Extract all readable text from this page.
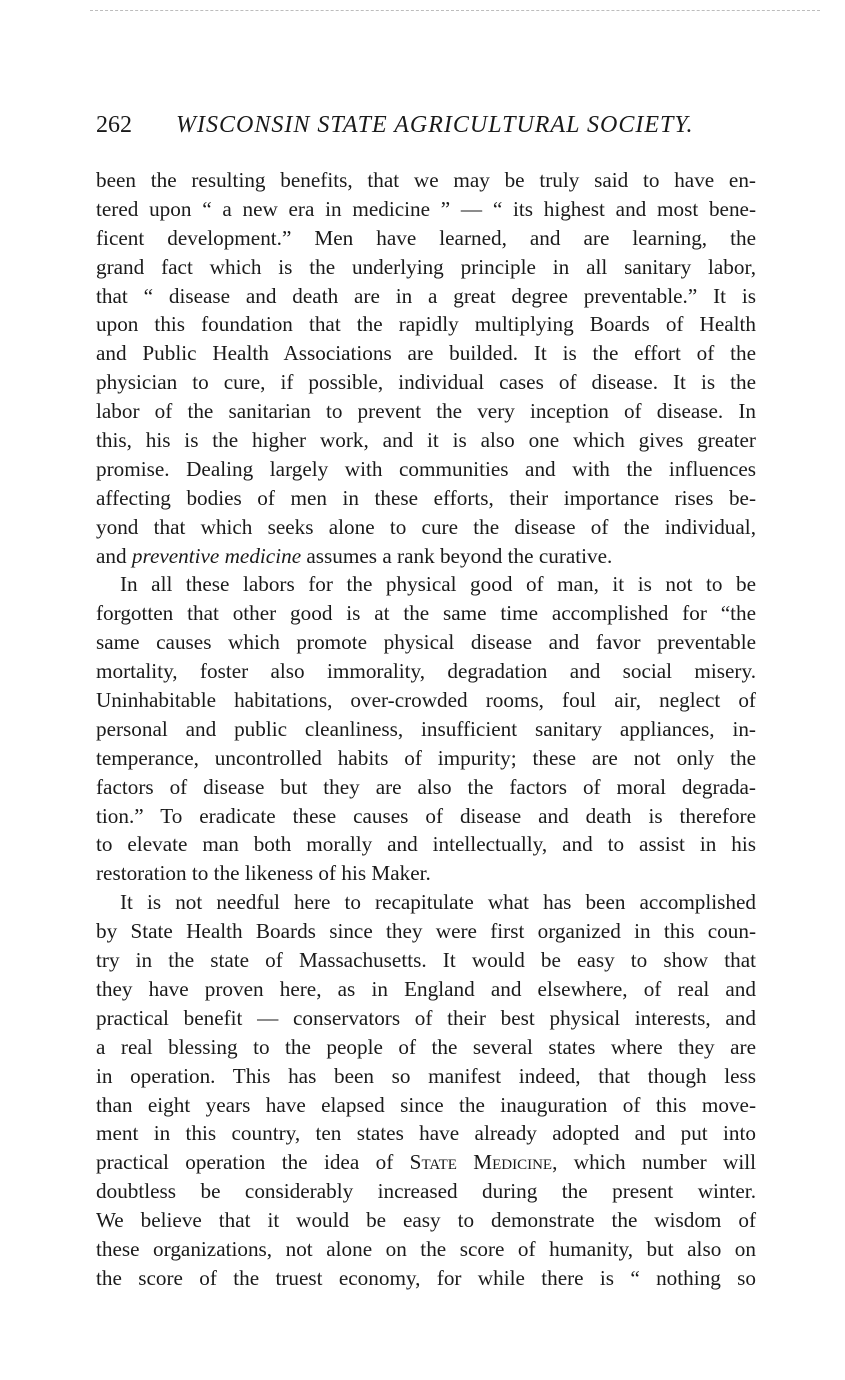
262 WISCONSIN STATE AGRICULTURAL SOCIETY.
been the resulting benefits, that we may be truly said to have en-
tered upon “ a new era in medicine ” — “ its highest and most bene-
ficent development.” Men have learned, and are learning, the
grand fact which is the underlying principle in all sanitary labor,
that “ disease and death are in a great degree preventable.” It is
upon this foundation that the rapidly multiplying Boards of Health
and Public Health Associations are builded. It is the effort of the
physician to cure, if possible, individual cases of disease. It is the
labor of the sanitarian to prevent the very inception of disease. In
this, his is the higher work, and it is also one which gives greater
promise. Dealing largely with communities and with the influences
affecting bodies of men in these efforts, their importance rises be-
yond that which seeks alone to cure the disease of the individual,
and preventive medicine assumes a rank beyond the curative.
In all these labors for the physical good of man, it is not to be
forgotten that other good is at the same time accomplished for “the
same causes which promote physical disease and favor preventable
mortality, foster also immorality, degradation and social misery.
Uninhabitable habitations, over-crowded rooms, foul air, neglect of
personal and public cleanliness, insufficient sanitary appliances, in-
temperance, uncontrolled habits of impurity; these are not only the
factors of disease but they are also the factors of moral degrada-
tion.” To eradicate these causes of disease and death is therefore
to elevate man both morally and intellectually, and to assist in his
restoration to the likeness of his Maker.
It is not needful here to recapitulate what has been accomplished
by State Health Boards since they were first organized in this coun-
try in the state of Massachusetts. It would be easy to show that
they have proven here, as in England and elsewhere, of real and
practical benefit — conservators of their best physical interests, and
a real blessing to the people of the several states where they are
in operation. This has been so manifest indeed, that though less
than eight years have elapsed since the inauguration of this move-
ment in this country, ten states have already adopted and put into
practical operation the idea of State Medicine, which number will
doubtless be considerably increased during the present winter.
We believe that it would be easy to demonstrate the wisdom of
these organizations, not alone on the score of humanity, but also on
the score of the truest economy, for while there is “ nothing so
